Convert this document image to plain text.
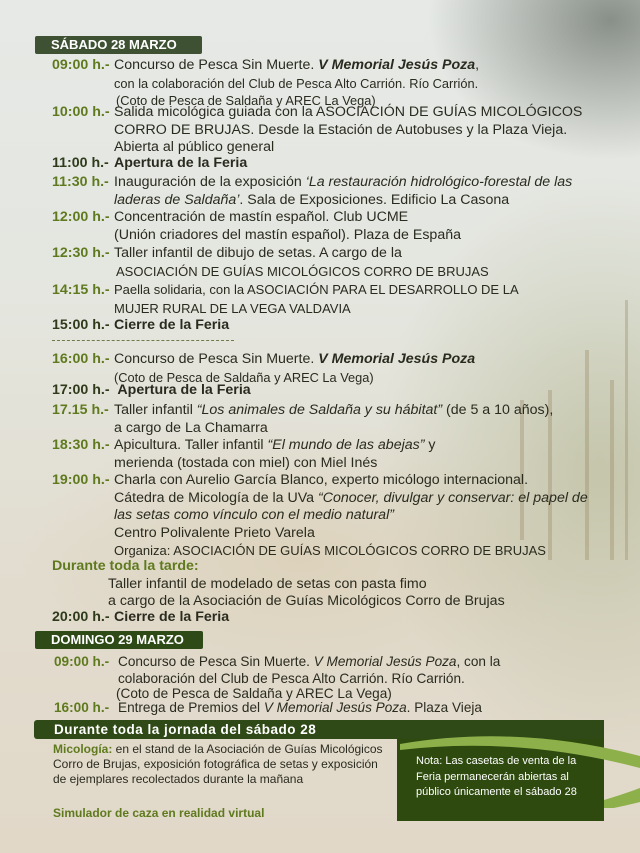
SÁBADO 28 MARZO
09:00 h.- Concurso de Pesca Sin Muerte. V Memorial Jesús Poza,
con la colaboración del Club de Pesca Alto Carrión. Río Carrión.
(Coto de Pesca de Saldaña y AREC La Vega)
10:00 h.- Salida micológica guiada con la ASOCIACIÓN DE GUÍAS MICOLÓGICOS
CORRO DE BRUJAS. Desde la Estación de Autobuses y la Plaza Vieja.
Abierta al público general
11:00 h.- Apertura de la Feria
11:30 h.- Inauguración de la exposición ‘La restauración hidrológico-forestal de las
laderas de Saldaña’. Sala de Exposiciones. Edificio La Casona
12:00 h.- Concentración de mastín español. Club UCME
(Unión criadores del mastín español). Plaza de España
12:30 h.- Taller infantil de dibujo de setas. A cargo de la
ASOCIACIÓN DE GUÍAS MICOLÓGICOS CORRO DE BRUJAS
14:15 h.- Paella solidaria, con la ASOCIACIÓN PARA EL DESARROLLO DE LA
MUJER RURAL DE LA VEGA VALDAVIA
15:00 h.- Cierre de la Feria
16:00 h.- Concurso de Pesca Sin Muerte. V Memorial Jesús Poza
(Coto de Pesca de Saldaña y AREC La Vega)
17:00 h.- Apertura de la Feria
17.15 h.- Taller infantil “Los animales de Saldaña y su hábitat” (de 5 a 10 años),
a cargo de La Chamarra
18:30 h.- Apicultura. Taller infantil “El mundo de las abejas” y
merienda (tostada con miel) con Miel Inés
19:00 h.- Charla con Aurelio García Blanco, experto micólogo internacional.
Cátedra de Micología de la UVa “Conocer, divulgar y conservar: el papel de
las setas como vínculo con el medio natural”
Centro Polivalente Prieto Varela
Organiza: ASOCIACIÓN DE GUÍAS MICOLÓGICOS CORRO DE BRUJAS
Durante toda la tarde:
Taller infantil de modelado de setas con pasta fimo
a cargo de la Asociación de Guías Micológicos Corro de Brujas
20:00 h.- Cierre de la Feria
DOMINGO 29 MARZO
09:00 h.- Concurso de Pesca Sin Muerte. V Memorial Jesús Poza, con la
colaboración del Club de Pesca Alto Carrión. Río Carrión.
(Coto de Pesca de Saldaña y AREC La Vega)
16:00 h.- Entrega de Premios del V Memorial Jesús Poza. Plaza Vieja
Durante toda la jornada del sábado 28
Nota: Las casetas de venta de la Feria permanecerán abiertas al público únicamente el sábado 28
Micología: en el stand de la Asociación de Guías Micológicos Corro de Brujas, exposición fotográfica de setas y exposición de ejemplares recolectados durante la mañana
Simulador de caza en realidad virtual
